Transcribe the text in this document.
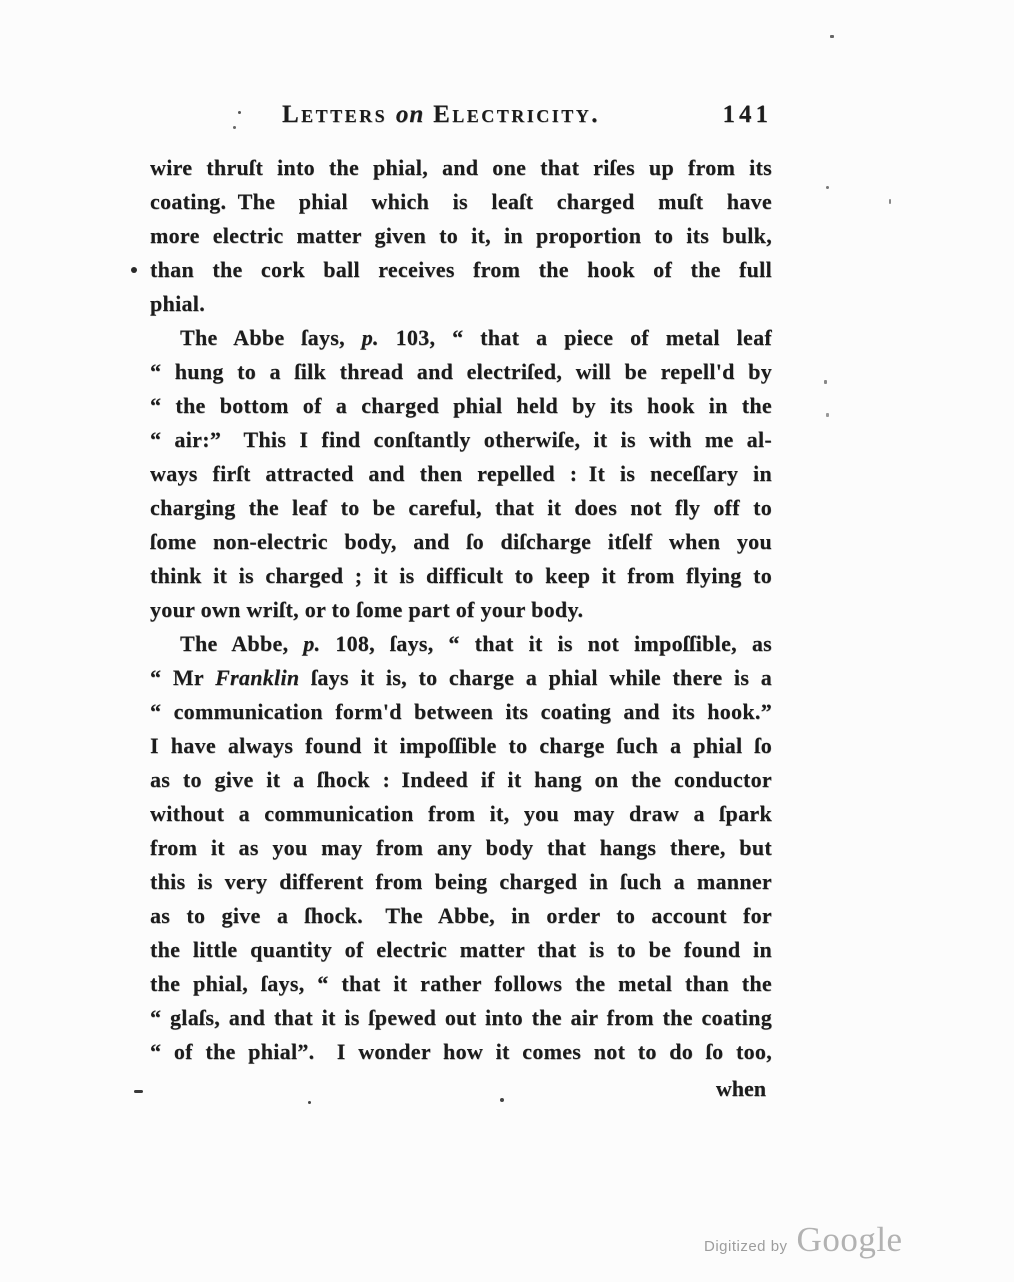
Letters on Electricity.	141
wire thruſt into the phial, and one that riſes up from its
coating. The phial which is leaſt charged muſt have
more electric matter given to it, in proportion to its bulk,
than the cork ball receives from the hook of the full
phial.
The Abbe ſays, p. 103, “ that a piece of metal leaf
“ hung to a ſilk thread and electriſed, will be repell'd by
“ the bottom of a charged phial held by its hook in the
“ air:” This I find conſtantly otherwiſe, it is with me al-
ways firſt attracted and then repelled : It is neceſſary in
charging the leaf to be careful, that it does not fly off to
ſome non-electric body, and ſo diſcharge itſelf when you
think it is charged ; it is difficult to keep it from flying to
your own wriſt, or to ſome part of your body.
The Abbe, p. 108, ſays, “ that it is not impoſſible, as
“ Mr Franklin ſays it is, to charge a phial while there is a
“ communication form'd between its coating and its hook.”
I have always found it impoſſible to charge ſuch a phial ſo
as to give it a ſhock : Indeed if it hang on the conductor
without a communication from it, you may draw a ſpark
from it as you may from any body that hangs there, but
this is very different from being charged in ſuch a manner
as to give a ſhock. The Abbe, in order to account for
the little quantity of electric matter that is to be found in
the phial, ſays, “ that it rather follows the metal than the
“ glaſs, and that it is ſpewed out into the air from the coating
“ of the phial”. I wonder how it comes not to do ſo too,
when
Digitized by Google
